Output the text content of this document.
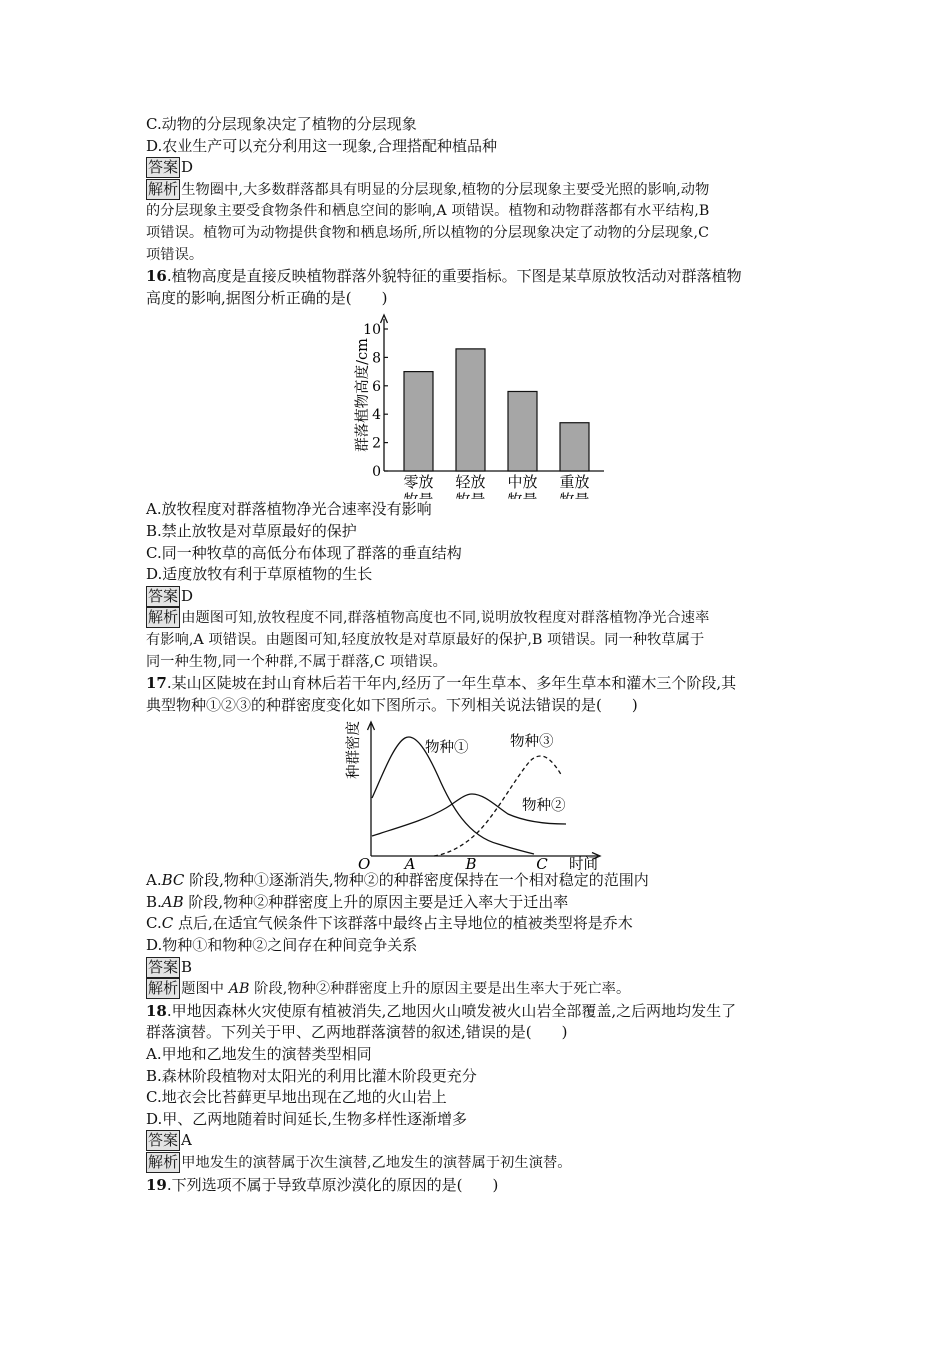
C.动物的分层现象决定了植物的分层现象
D.农业生产可以充分利用这一现象,合理搭配种植品种
答案 D
解析 生物圈中,大多数群落都具有明显的分层现象,植物的分层现象主要受光照的影响,动物
的分层现象主要受食物条件和栖息空间的影响,A 项错误。植物和动物群落都有水平结构,B
项错误。植物可为动物提供食物和栖息场所,所以植物的分层现象决定了动物的分层现象,C
项错误。
16.植物高度是直接反映植物群落外貌特征的重要指标。下图是某草原放牧活动对群落植物
高度的影响,据图分析正确的是(　　)
0
2
4
6
8
10
零放 轻放 中放 重放
群落植物高度/cm
A.放牧程度对群落植物净光合速率没有影响
B.禁止放牧是对草原最好的保护
C.同一种牧草的高低分布体现了群落的垂直结构
D.适度放牧有利于草原植物的生长
答案 D
解析 由题图可知,放牧程度不同,群落植物高度也不同,说明放牧程度对群落植物净光合速率
有影响,A 项错误。由题图可知,轻度放牧是对草原最好的保护,B 项错误。同一种牧草属于
同一种生物,同一个种群,不属于群落,C 项错误。
17.某山区陡坡在封山育林后若干年内,经历了一年生草本、多年生草本和灌木三个阶段,其
典型物种①②③的种群密度变化如下图所示。下列相关说法错误的是(　　)
种群密度
O A	B	C 时间
物种①
物种②
物种③
A.BC 阶段,物种①逐渐消失,物种②的种群密度保持在一个相对稳定的范围内
B.AB 阶段,物种②种群密度上升的原因主要是迁入率大于迁出率
C.C 点后,在适宜气候条件下该群落中最终占主导地位的植被类型将是乔木
D.物种①和物种②之间存在种间竞争关系
答案 B
解析 题图中 AB 阶段,物种②种群密度上升的原因主要是出生率大于死亡率。
18.甲地因森林火灾使原有植被消失,乙地因火山喷发被火山岩全部覆盖,之后两地均发生了
群落演替。下列关于甲、乙两地群落演替的叙述,错误的是(　　)
A.甲地和乙地发生的演替类型相同
B.森林阶段植物对太阳光的利用比灌木阶段更充分
C.地衣会比苔藓更早地出现在乙地的火山岩上
D.甲、乙两地随着时间延长,生物多样性逐渐增多
答案 A
解析 甲地发生的演替属于次生演替,乙地发生的演替属于初生演替。
19.下列选项不属于导致草原沙漠化的原因的是(　　)
